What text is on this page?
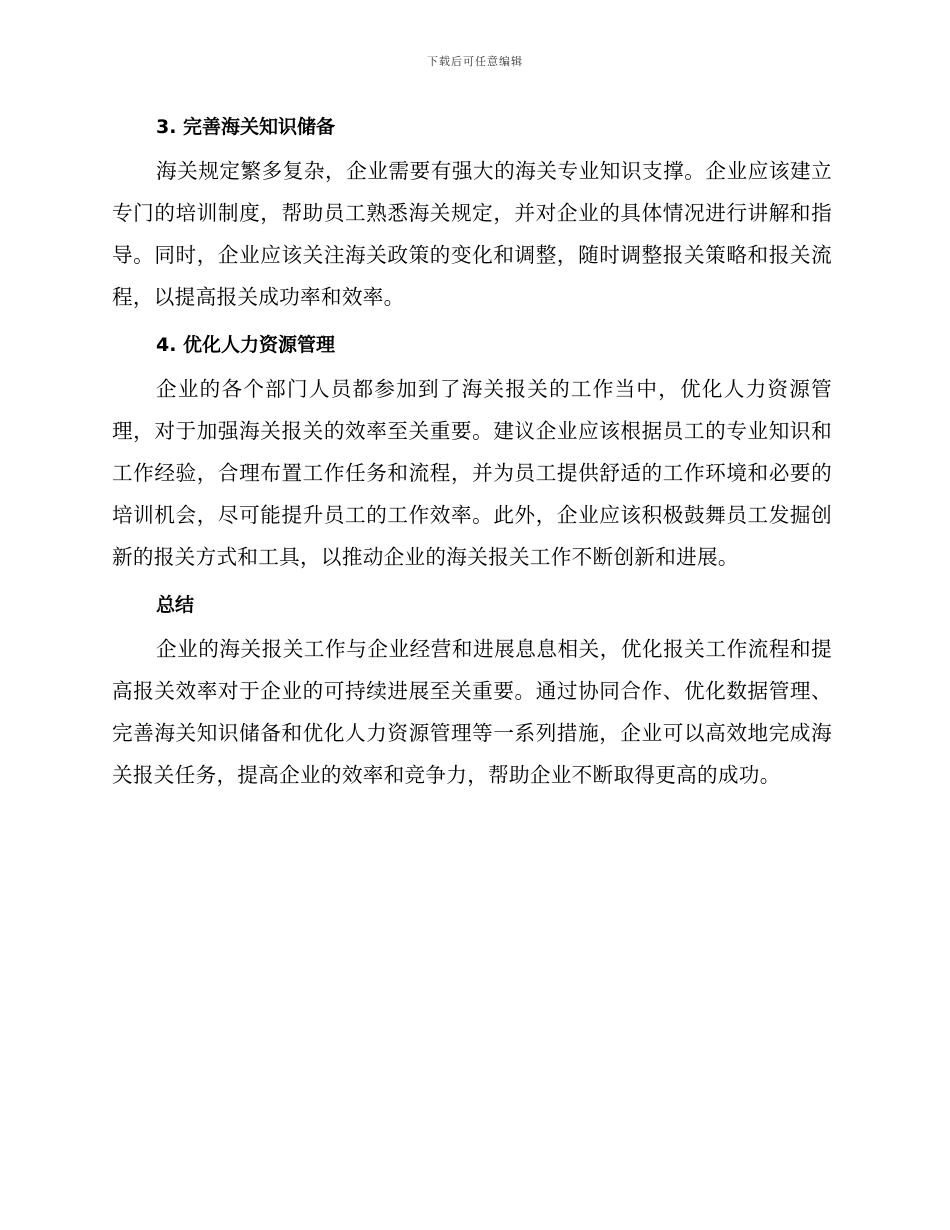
下载后可任意编辑
3. 完善海关知识储备

海关规定繁多复杂，企业需要有强大的海关专业知识支撑。企业应该建立专门的培训制度，帮助员工熟悉海关规定，并对企业的具体情况进行讲解和指导。同时，企业应该关注海关政策的变化和调整，随时调整报关策略和报关流程，以提高报关成功率和效率。

4. 优化人力资源管理

企业的各个部门人员都参加到了海关报关的工作当中，优化人力资源管理，对于加强海关报关的效率至关重要。建议企业应该根据员工的专业知识和工作经验，合理布置工作任务和流程，并为员工提供舒适的工作环境和必要的培训机会，尽可能提升员工的工作效率。此外，企业应该积极鼓舞员工发掘创新的报关方式和工具，以推动企业的海关报关工作不断创新和进展。

总结

企业的海关报关工作与企业经营和进展息息相关，优化报关工作流程和提高报关效率对于企业的可持续进展至关重要。通过协同合作、优化数据管理、完善海关知识储备和优化人力资源管理等一系列措施，企业可以高效地完成海关报关任务，提高企业的效率和竞争力，帮助企业不断取得更高的成功。
